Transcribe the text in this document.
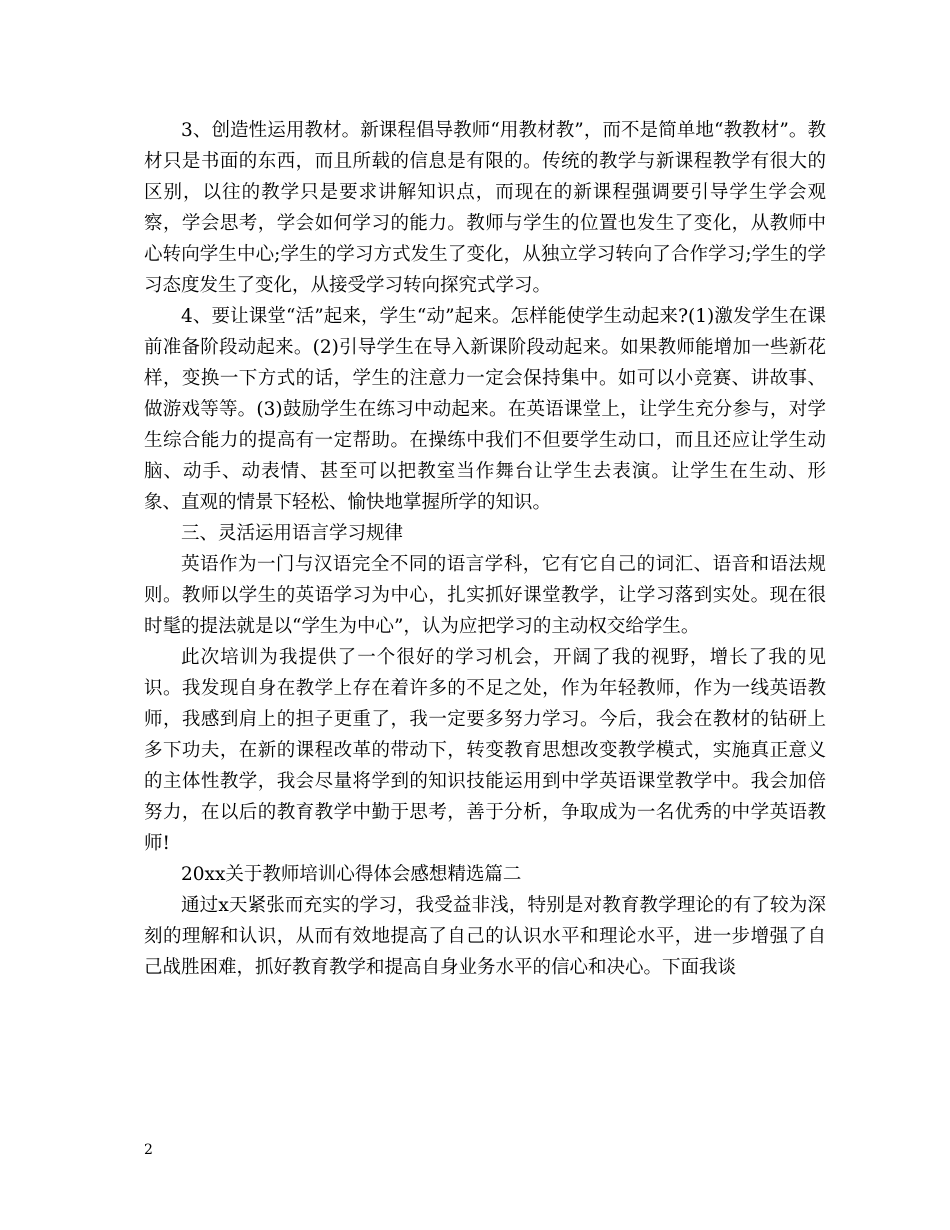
3、创造性运用教材。新课程倡导教师“用教材教”，而不是简单地“教教材”。教材只是书面的东西，而且所载的信息是有限的。传统的教学与新课程教学有很大的区别，以往的教学只是要求讲解知识点，而现在的新课程强调要引导学生学会观察，学会思考，学会如何学习的能力。教师与学生的位置也发生了变化，从教师中心转向学生中心;学生的学习方式发生了变化，从独立学习转向了合作学习;学生的学习态度发生了变化，从接受学习转向探究式学习。

4、要让课堂“活”起来，学生“动”起来。怎样能使学生动起来?(1)激发学生在课前准备阶段动起来。(2)引导学生在导入新课阶段动起来。如果教师能增加一些新花样，变换一下方式的话，学生的注意力一定会保持集中。如可以小竞赛、讲故事、做游戏等等。(3)鼓励学生在练习中动起来。在英语课堂上，让学生充分参与，对学生综合能力的提高有一定帮助。在操练中我们不但要学生动口，而且还应让学生动脑、动手、动表情、甚至可以把教室当作舞台让学生去表演。让学生在生动、形象、直观的情景下轻松、愉快地掌握所学的知识。

三、灵活运用语言学习规律

英语作为一门与汉语完全不同的语言学科，它有它自己的词汇、语音和语法规则。教师以学生的英语学习为中心，扎实抓好课堂教学，让学习落到实处。现在很时髦的提法就是以“学生为中心”，认为应把学习的主动权交给学生。

此次培训为我提供了一个很好的学习机会，开阔了我的视野，增长了我的见识。我发现自身在教学上存在着许多的不足之处，作为年轻教师，作为一线英语教师，我感到肩上的担子更重了，我一定要多努力学习。今后，我会在教材的钻研上多下功夫，在新的课程改革的带动下，转变教育思想改变教学模式，实施真正意义的主体性教学，我会尽量将学到的知识技能运用到中学英语课堂教学中。我会加倍努力，在以后的教育教学中勤于思考，善于分析，争取成为一名优秀的中学英语教师!

20xx关于教师培训心得体会感想精选篇二

通过x天紧张而充实的学习，我受益非浅，特别是对教育教学理论的有了较为深刻的理解和认识，从而有效地提高了自己的认识水平和理论水平，进一步增强了自己战胜困难，抓好教育教学和提高自身业务水平的信心和决心。下面我谈

2
